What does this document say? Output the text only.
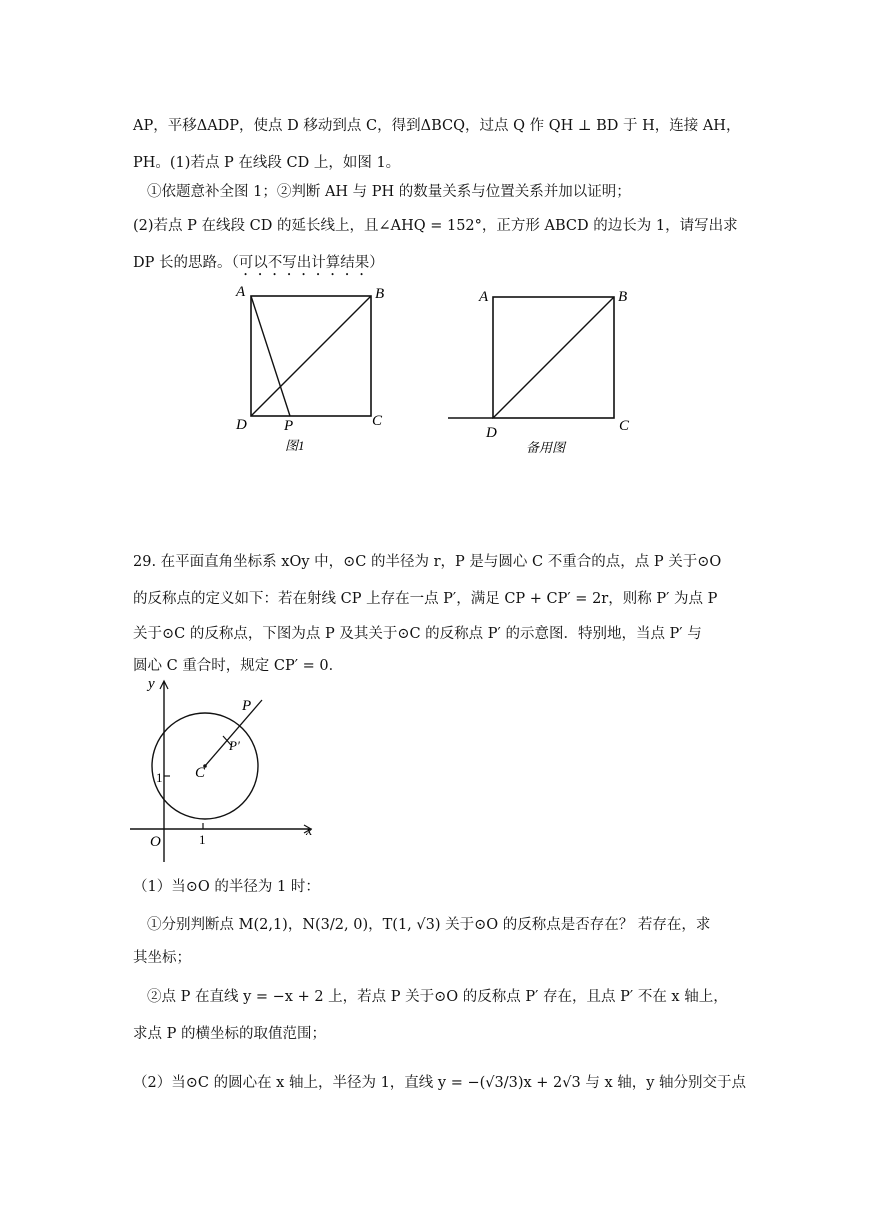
AP，平移ΔADP，使点 D 移动到点 C，得到ΔBCQ，过点 Q 作 QH ⊥ BD 于 H，连接 AH，
PH。(1)若点 P 在线段 CD 上，如图 1。
①依题意补全图 1；②判断 AH 与 PH 的数量关系与位置关系并加以证明；
(2)若点 P 在线段 CD 的延长线上，且∠AHQ = 152°，正方形 ABCD 的边长为 1，请写出求
DP 长的思路。（可以不写出计算结果）
A	B
C
D P
图1
A	B
C
D
备用图
29. 在平面直角坐标系 xOy 中，⊙C 的半径为 r，P 是与圆心 C 不重合的点，点 P 关于⊙O
的反称点的定义如下：若在射线 CP 上存在一点 P′，满足 CP + CP′ = 2r，则称 P′ 为点 P
关于⊙C 的反称点，下图为点 P 及其关于⊙C 的反称点 P′ 的示意图．特别地，当点 P′ 与
圆心 C 重合时，规定 CP′ = 0．
y
x
O	1
1 C
P
P′
（1）当⊙O 的半径为 1 时：
①分别判断点 M(2,1)，N(3/2, 0)，T(1, √3) 关于⊙O 的反称点是否存在？ 若存在，求
其坐标；
②点 P 在直线 y = −x + 2 上，若点 P 关于⊙O 的反称点 P′ 存在，且点 P′ 不在 x 轴上，
求点 P 的横坐标的取值范围；
（2）当⊙C 的圆心在 x 轴上，半径为 1，直线 y = −(√3/3)x + 2√3 与 x 轴，y 轴分别交于点
